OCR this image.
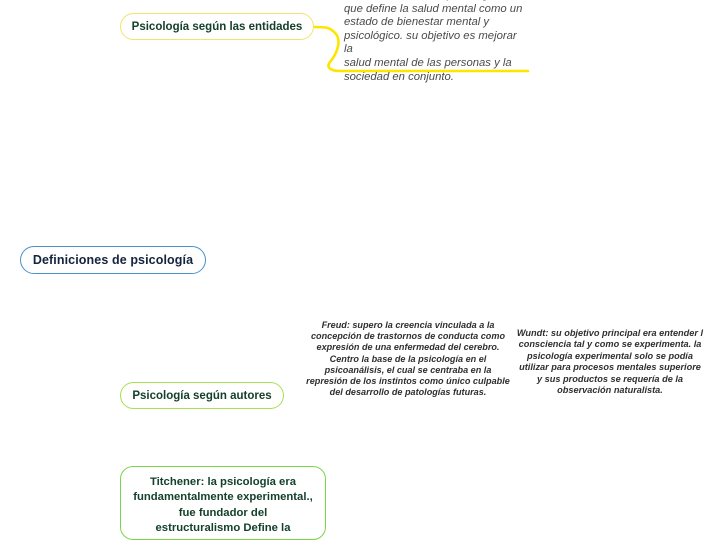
Definiciones de psicología
Psicología según las entidades
que define la salud mental como un
estado de bienestar mental y
psicológico. su objetivo es mejorar la
salud mental de las personas y la
sociedad en conjunto.
Psicología según autores
Freud: supero la creencia vinculada a la
concepción de trastornos de conducta como
expresión de una enfermedad del cerebro.
Centro la base de la psicología en el
psicoanálisis, el cual se centraba en la
represión de los instintos como único culpable
del desarrollo de patologías futuras.
Wundt: su objetivo principal era entender l
consciencia tal y como se experimenta. la
psicología experimental solo se podía
utilizar para procesos mentales superiore
y sus productos se requería de la
observación naturalista.
Titchener: la psicología era
fundamentalmente experimental.,
fue fundador del
estructuralismo Define la
